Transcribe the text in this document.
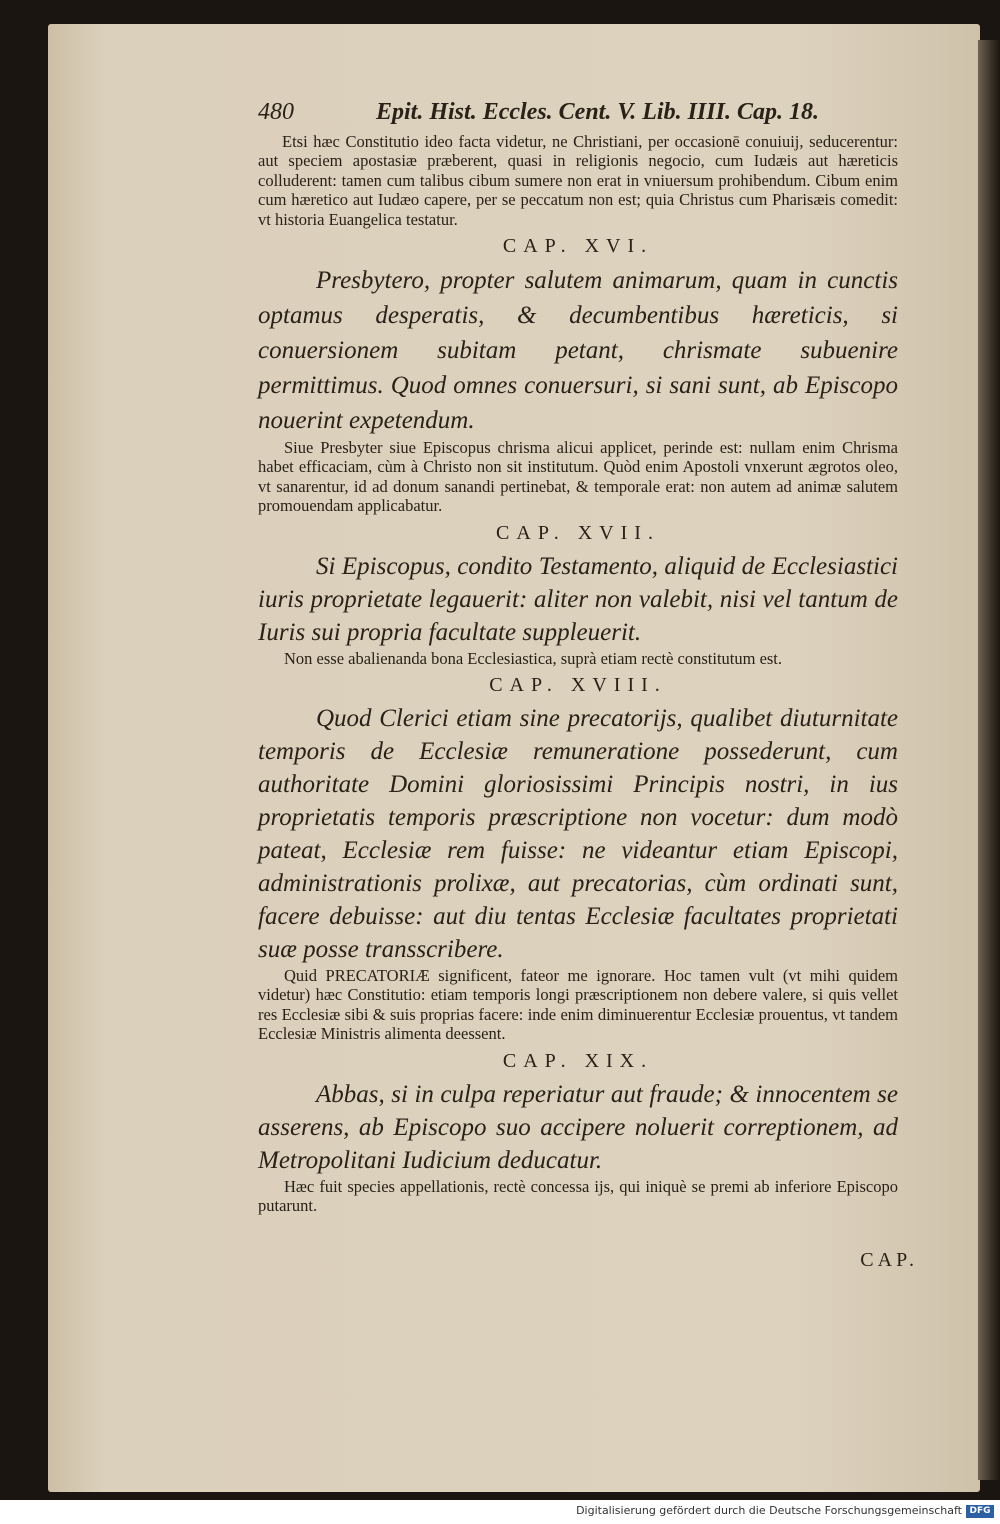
480	Epit. Hist. Eccles. Cent. V. Lib. IIII. Cap. 18.

Etsi hæc Constitutio ideo facta videtur, ne Christiani, per occasionē conuiuij, seducerentur: aut speciem apostasiæ præberent, quasi in religionis negocio, cum Iudæis aut hæreticis colluderent: tamen cum talibus cibum sumere non erat in vniuersum prohibendum. Cibum enim cum hæretico aut Iudæo capere, per se peccatum non est; quia Christus cum Pharisæis comedit: vt historia Euangelica testatur.

CAP. XVI.

Presbytero, propter salutem animarum, quam in cunctis optamus desperatis, & decumbentibus hæreticis, si conuersionem subitam petant, chrismate subuenire permittimus. Quod omnes conuersuri, si sani sunt, ab Episcopo nouerint expetendum.

Siue Presbyter siue Episcopus chrisma alicui applicet, perinde est: nullam enim Chrisma habet efficaciam, cùm à Christo non sit institutum. Quòd enim Apostoli vnxerunt ægrotos oleo, vt sanarentur, id ad donum sanandi pertinebat, & temporale erat: non autem ad animæ salutem promouendam applicabatur.

CAP. XVII.

Si Episcopus, condito Testamento, aliquid de Ecclesiastici iuris proprietate legauerit: aliter non valebit, nisi vel tantum de Iuris sui propria facultate suppleuerit.

Non esse abalienanda bona Ecclesiastica, suprà etiam rectè constitutum est.

CAP. XVIII.

Quod Clerici etiam sine precatorijs, qualibet diuturnitate temporis de Ecclesiæ remuneratione possederunt, cum authoritate Domini gloriosissimi Principis nostri, in ius proprietatis temporis præscriptione non vocetur: dum modò pateat, Ecclesiæ rem fuisse: ne videantur etiam Episcopi, administrationis prolixæ, aut precatorias, cùm ordinati sunt, facere debuisse: aut diu tentas Ecclesiæ facultates proprietati suæ posse transscribere.

Quid PRECATORIÆ significent, fateor me ignorare. Hoc tamen vult (vt mihi quidem videtur) hæc Constitutio: etiam temporis longi præscriptionem non debere valere, si quis vellet res Ecclesiæ sibi & suis proprias facere: inde enim diminuerentur Ecclesiæ prouentus, vt tandem Ecclesiæ Ministris alimenta deessent.

CAP. XIX.

Abbas, si in culpa reperiatur aut fraude; & innocentem se asserens, ab Episcopo suo accipere noluerit correptionem, ad Metropolitani Iudicium deducatur.

Hæc fuit species appellationis, rectè concessa ijs, qui iniquè se premi ab inferiore Episcopo putarunt.

CAP.
Digitalisierung gefördert durch die Deutsche Forschungsgemeinschaft DFG
